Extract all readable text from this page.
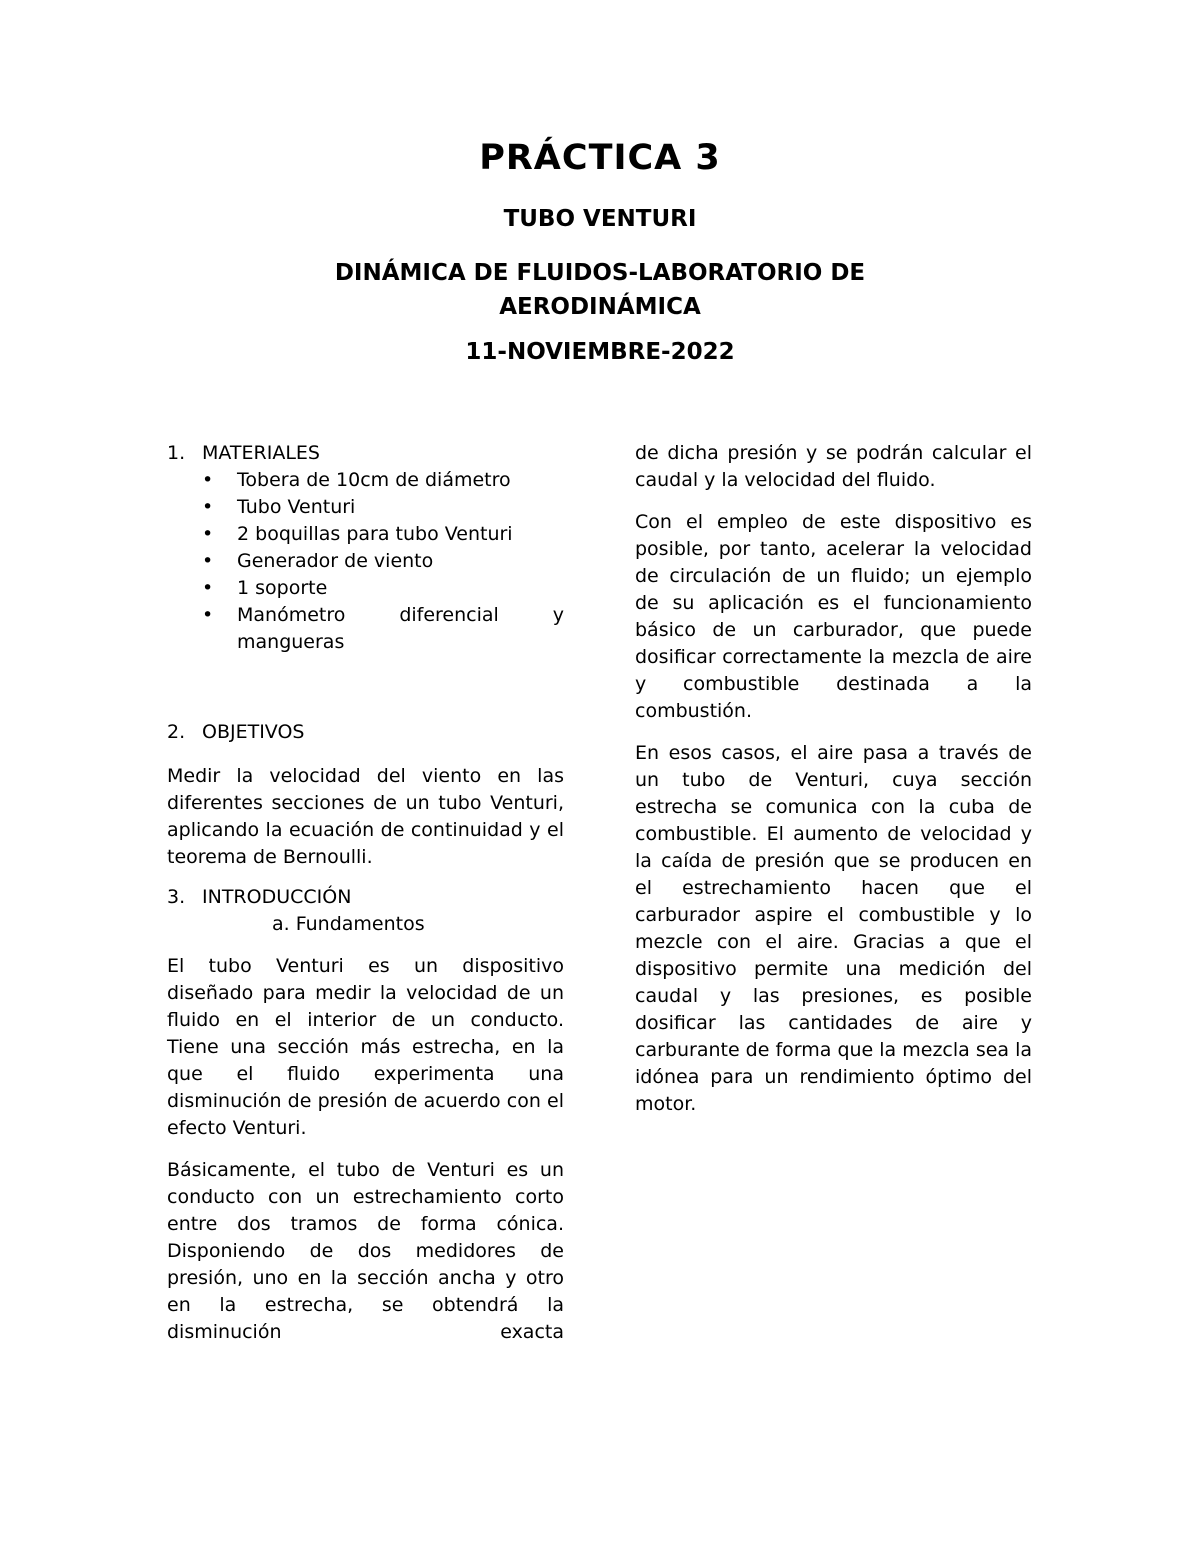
PRÁCTICA 3
TUBO VENTURI
DINÁMICA DE FLUIDOS-LABORATORIO DE
AERODINÁMICA
11-NOVIEMBRE-2022
1. MATERIALES
• Tobera de 10cm de diámetro
• Tubo Venturi
• 2 boquillas para tubo Venturi
• Generador de viento
• 1 soporte
• Manómetro diferencial y mangueras
2. OBJETIVOS

Medir la velocidad del viento en las diferentes secciones de un tubo Venturi, aplicando la ecuación de continuidad y el teorema de Bernoulli.

3. INTRODUCCIÓN
a. Fundamentos

El tubo Venturi es un dispositivo diseñado para medir la velocidad de un fluido en el interior de un conducto. Tiene una sección más estrecha, en la que el fluido experimenta una disminución de presión de acuerdo con el efecto Venturi.

Básicamente, el tubo de Venturi es un conducto con un estrechamiento corto entre dos tramos de forma cónica. Disponiendo de dos medidores de presión, uno en la sección ancha y otro en la estrecha, se obtendrá la disminución exacta

de dicha presión y se podrán calcular el caudal y la velocidad del fluido.

Con el empleo de este dispositivo es posible, por tanto, acelerar la velocidad de circulación de un fluido; un ejemplo de su aplicación es el funcionamiento básico de un carburador, que puede dosificar correctamente la mezcla de aire y combustible destinada a la combustión.

En esos casos, el aire pasa a través de un tubo de Venturi, cuya sección estrecha se comunica con la cuba de combustible. El aumento de velocidad y la caída de presión que se producen en el estrechamiento hacen que el carburador aspire el combustible y lo mezcle con el aire. Gracias a que el dispositivo permite una medición del caudal y las presiones, es posible dosificar las cantidades de aire y carburante de forma que la mezcla sea la idónea para un rendimiento óptimo del motor.
